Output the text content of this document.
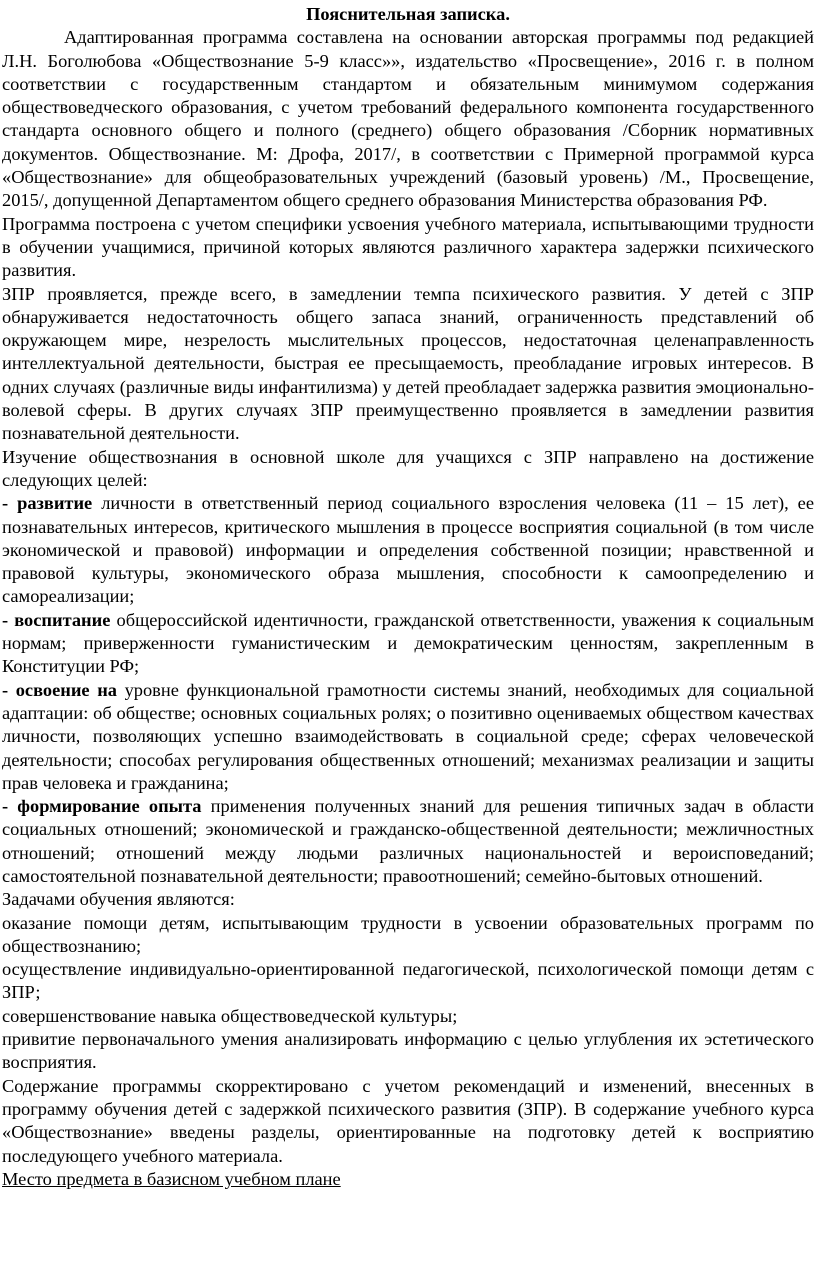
Пояснительная записка.

Адаптированная программа составлена на основании авторская программы под редакцией Л.Н. Боголюбова «Обществознание 5-9 класс»», издательство «Просвещение», 2016 г. в полном соответствии с государственным стандартом и обязательным минимумом содержания обществоведческого образования, с учетом требований федерального компонента государственного стандарта основного общего и полного (среднего) общего образования /Сборник нормативных документов. Обществознание. М: Дрофа, 2017/, в соответствии с Примерной программой курса «Обществознание» для общеобразовательных учреждений (базовый уровень) /М., Просвещение, 2015/, допущенной Департаментом общего среднего образования Министерства образования РФ.

Программа построена с учетом специфики усвоения учебного материала, испытывающими трудности в обучении учащимися, причиной которых являются различного характера задержки психического развития.

ЗПР проявляется, прежде всего, в замедлении темпа психического развития. У детей с ЗПР обнаруживается недостаточность общего запаса знаний, ограниченность представлений об окружающем мире, незрелость мыслительных процессов, недостаточная целенаправленность интеллектуальной деятельности, быстрая ее пресыщаемость, преобладание игровых интересов. В одних случаях (различные виды инфантилизма) у детей преобладает задержка развития эмоционально-волевой сферы. В других случаях ЗПР преимущественно проявляется в замедлении развития познавательной деятельности.

Изучение обществознания в основной школе для учащихся с ЗПР направлено на достижение следующих целей:

- развитие личности в ответственный период социального взросления человека (11 – 15 лет), ее познавательных интересов, критического мышления в процессе восприятия социальной (в том числе экономической и правовой) информации и определения собственной позиции; нравственной и правовой культуры, экономического образа мышления, способности к самоопределению и самореализации;

- воспитание общероссийской идентичности, гражданской ответственности, уважения к социальным нормам; приверженности гуманистическим и демократическим ценностям, закрепленным в Конституции РФ;

- освоение на уровне функциональной грамотности системы знаний, необходимых для социальной адаптации: об обществе; основных социальных ролях; о позитивно оцениваемых обществом качествах личности, позволяющих успешно взаимодействовать в социальной среде; сферах человеческой деятельности; способах регулирования общественных отношений; механизмах реализации и защиты прав человека и гражданина;

- формирование опыта применения полученных знаний для решения типичных задач в области социальных отношений; экономической и гражданско-общественной деятельности; межличностных отношений; отношений между людьми различных национальностей и вероисповеданий; самостоятельной познавательной деятельности; правоотношений; семейно-бытовых отношений.

Задачами обучения являются:

оказание помощи детям, испытывающим трудности в усвоении образовательных программ по обществознанию;

осуществление индивидуально-ориентированной педагогической, психологической помощи детям с ЗПР;

совершенствование навыка обществоведческой культуры;

привитие первоначального умения анализировать информацию с целью углубления их эстетического восприятия.

Содержание программы скорректировано с учетом рекомендаций и изменений, внесенных в программу обучения детей с задержкой психического развития (ЗПР). В содержание учебного курса «Обществознание» введены разделы, ориентированные на подготовку детей к восприятию последующего учебного материала.

Место предмета в базисном учебном плане
